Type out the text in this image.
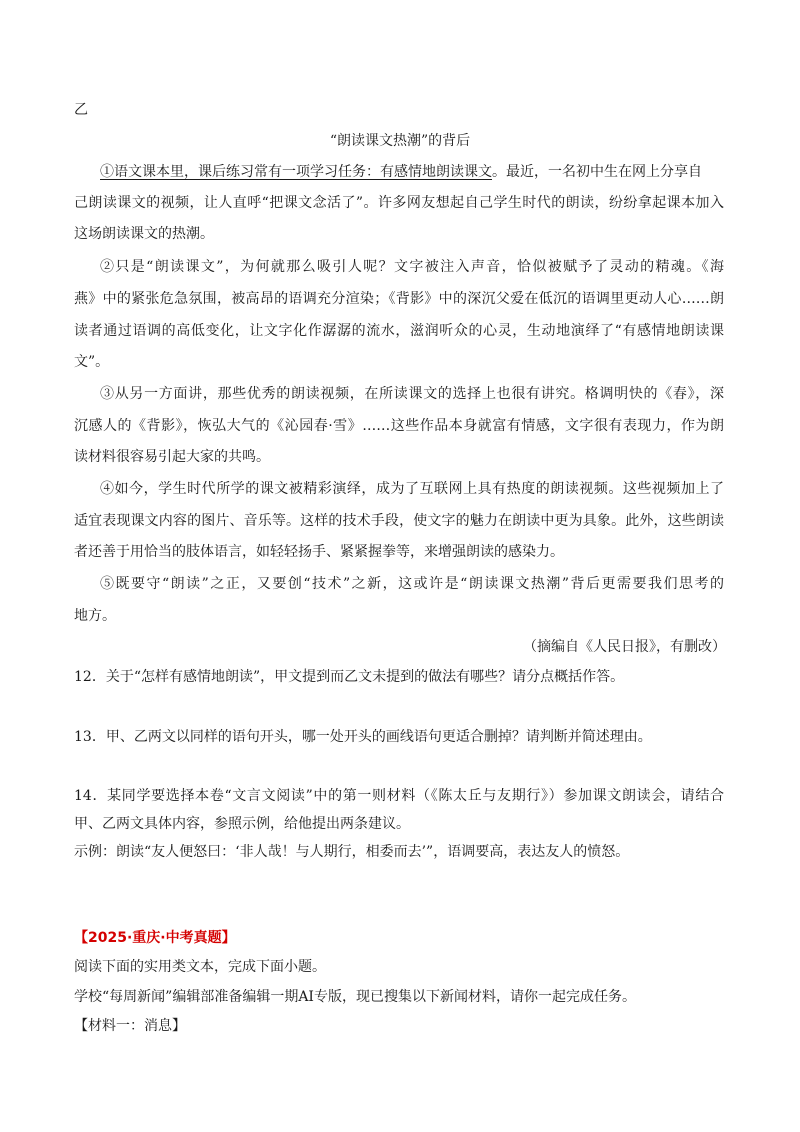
乙
“朗读课文热潮”的背后
①语文课本里，课后练习常有一项学习任务：有感情地朗读课文。最近，一名初中生在网上分享自
己朗读课文的视频，让人直呼“把课文念活了”。许多网友想起自己学生时代的朗读，纷纷拿起课本加入
这场朗读课文的热潮。
②只是“朗读课文”，为何就那么吸引人呢？文字被注入声音，恰似被赋予了灵动的精魂。《海
燕》中的紧张危急氛围，被高昂的语调充分渲染；《背影》中的深沉父爱在低沉的语调里更动人心……朗
读者通过语调的高低变化，让文字化作潺潺的流水，滋润听众的心灵，生动地演绎了“有感情地朗读课
文”。
③从另一方面讲，那些优秀的朗读视频，在所读课文的选择上也很有讲究。格调明快的《春》，深
沉感人的《背影》，恢弘大气的《沁园春·雪》……这些作品本身就富有情感，文字很有表现力，作为朗
读材料很容易引起大家的共鸣。
④如今，学生时代所学的课文被精彩演绎，成为了互联网上具有热度的朗读视频。这些视频加上了
适宜表现课文内容的图片、音乐等。这样的技术手段，使文字的魅力在朗读中更为具象。此外，这些朗读
者还善于用恰当的肢体语言，如轻轻扬手、紧紧握拳等，来增强朗读的感染力。
⑤既要守“朗读”之正，又要创“技术”之新，这或许是“朗读课文热潮”背后更需要我们思考的
地方。
（摘编自《人民日报》，有删改）
12．关于“怎样有感情地朗读”，甲文提到而乙文未提到的做法有哪些？请分点概括作答。
13．甲、乙两文以同样的语句开头，哪一处开头的画线语句更适合删掉？请判断并简述理由。
14．某同学要选择本卷“文言文阅读”中的第一则材料（《陈太丘与友期行》）参加课文朗读会，请结合
甲、乙两文具体内容，参照示例，给他提出两条建议。
示例：朗读“友人便怒曰：‘非人哉！与人期行，相委而去’”，语调要高，表达友人的愤怒。
【2025·重庆·中考真题】
阅读下面的实用类文本，完成下面小题。
学校“每周新闻”编辑部准备编辑一期AI专版，现已搜集以下新闻材料，请你一起完成任务。
【材料一：消息】
